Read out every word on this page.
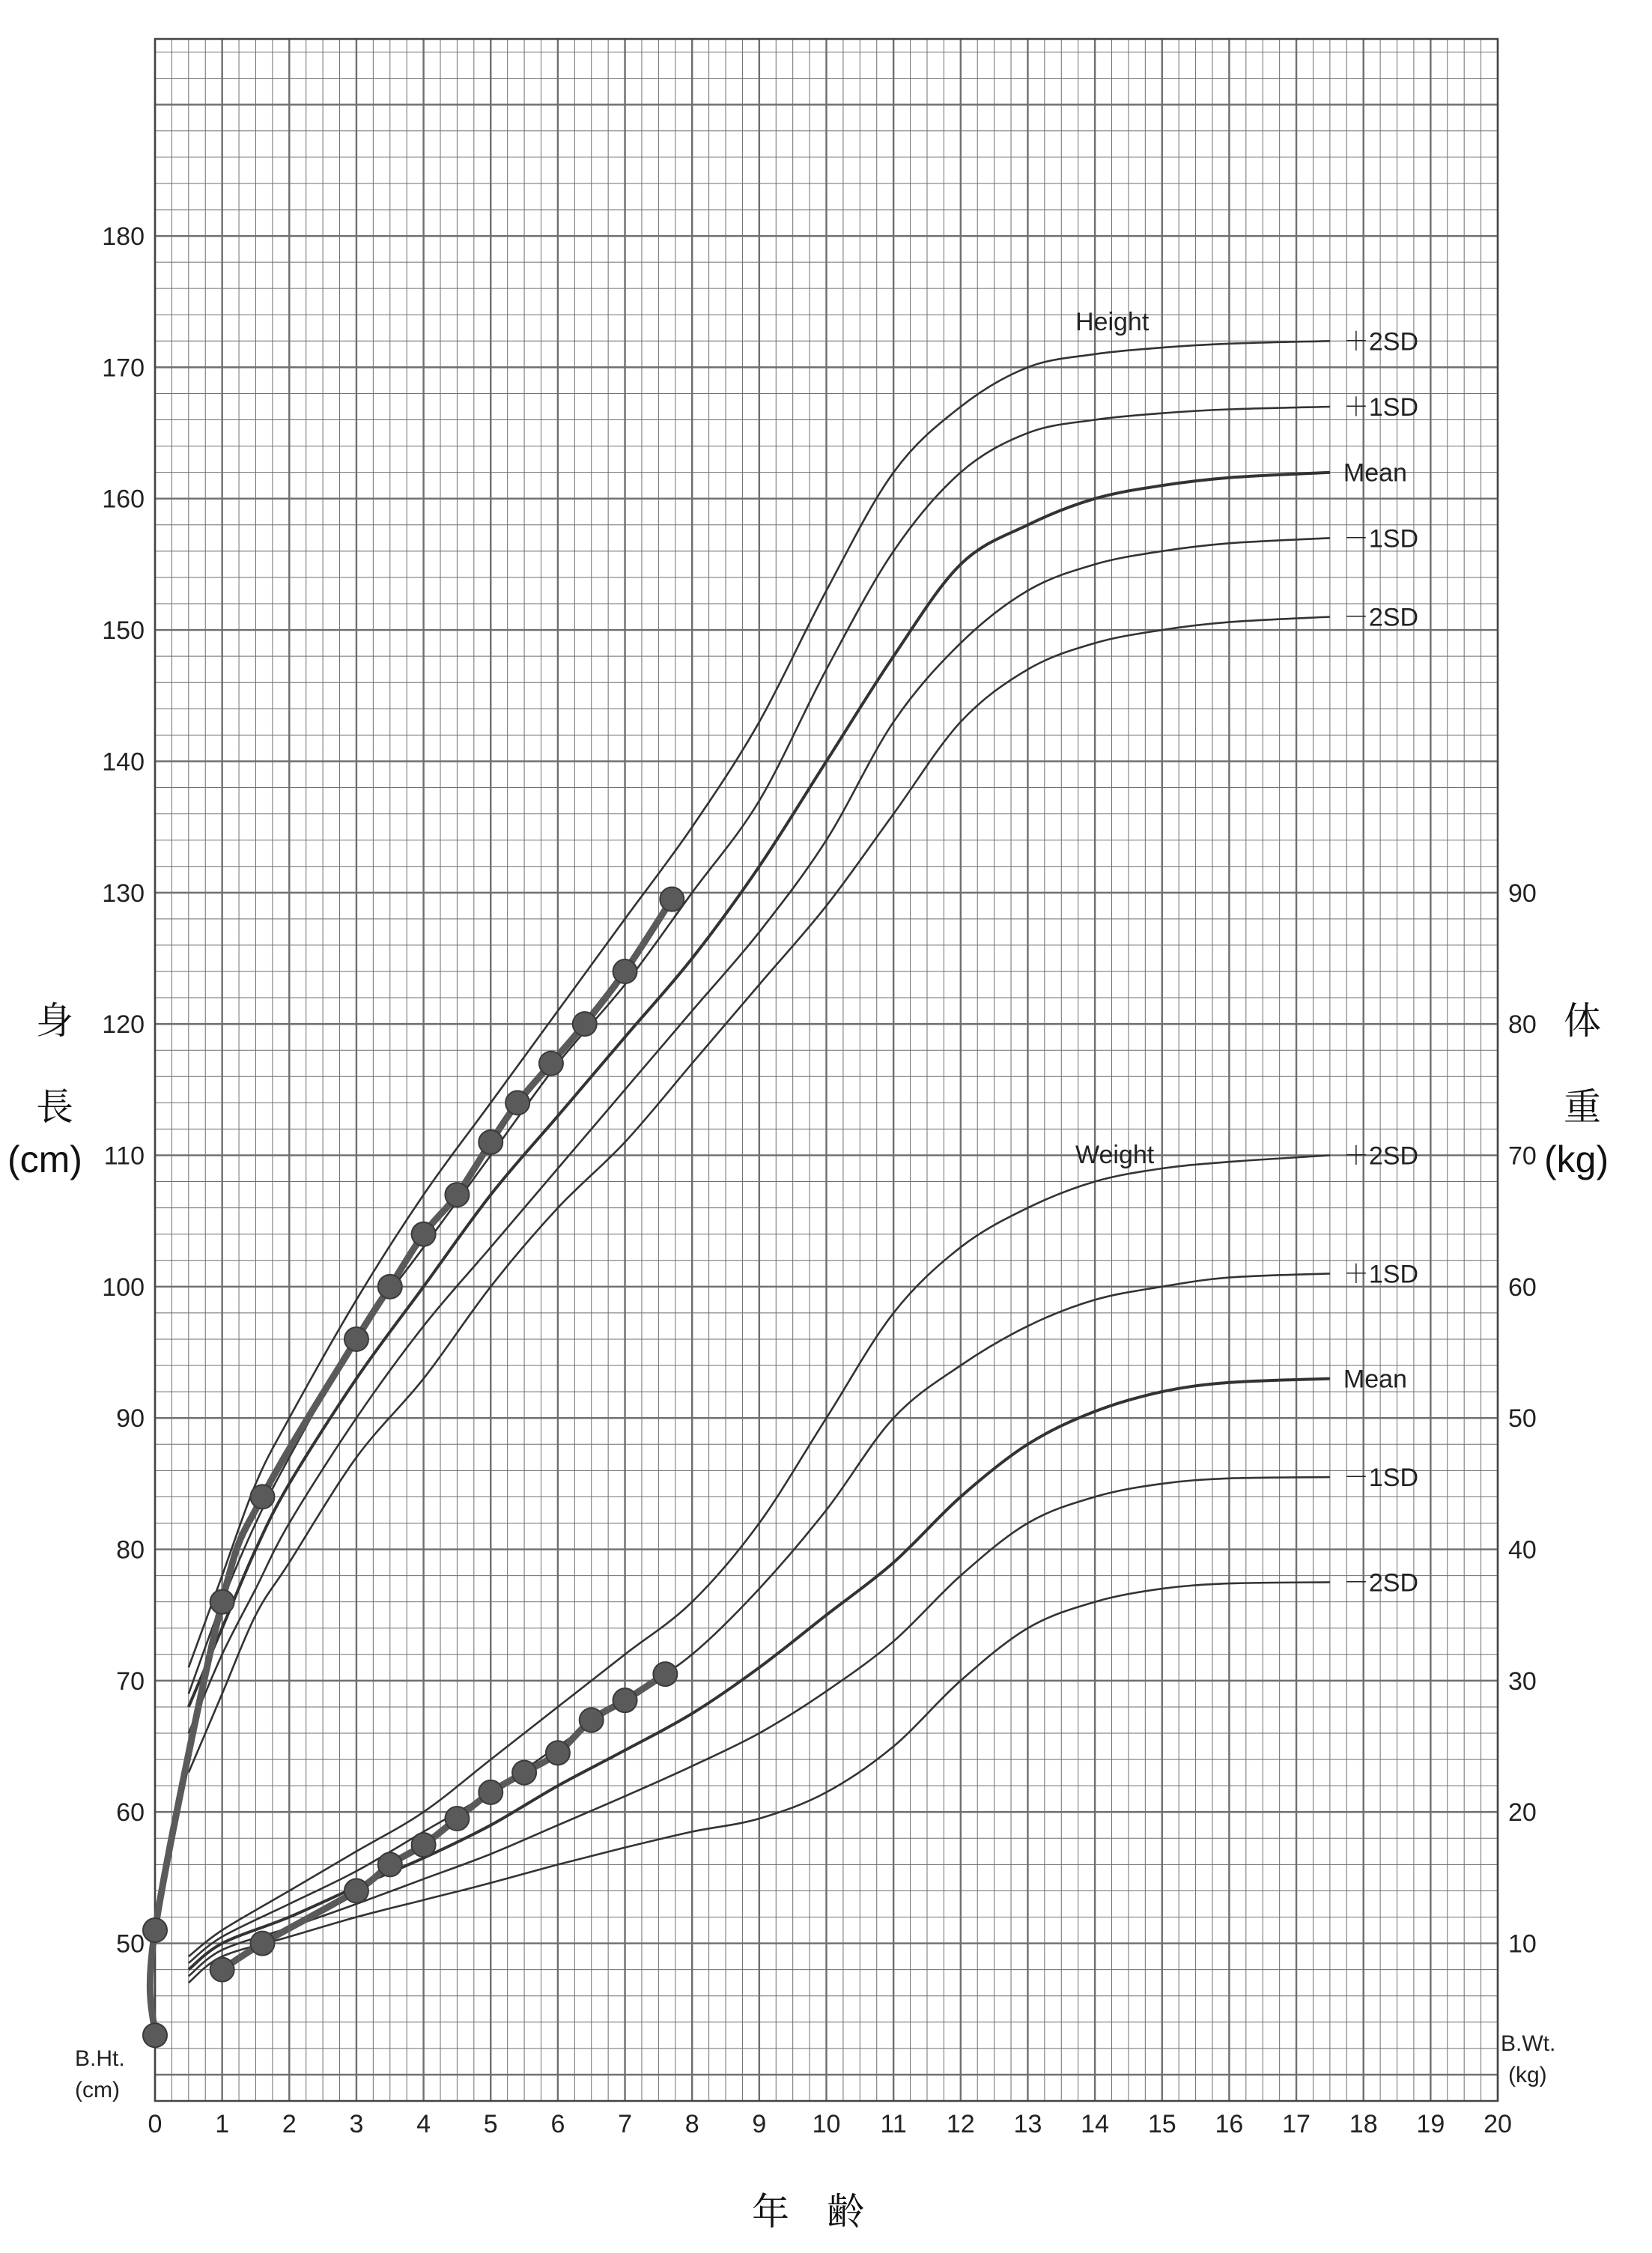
Height
Weight
身
長
(cm)
体
重
(kg)
B.Ht.
(cm)
B.Wt.
(kg)
年　齢
0 1 2 3 4 5 6 7 8 9 10 11 12 13 14 15 16 17 18 19 20
50
60
70
80
90
100
110
120
130
140
150
160
170
180
10
20
30
40
50
60
70
80
90
＋2SD
＋1SD
Mean
－1SD
－2SD
＋2SD
＋1SD
Mean
－1SD
－2SD
